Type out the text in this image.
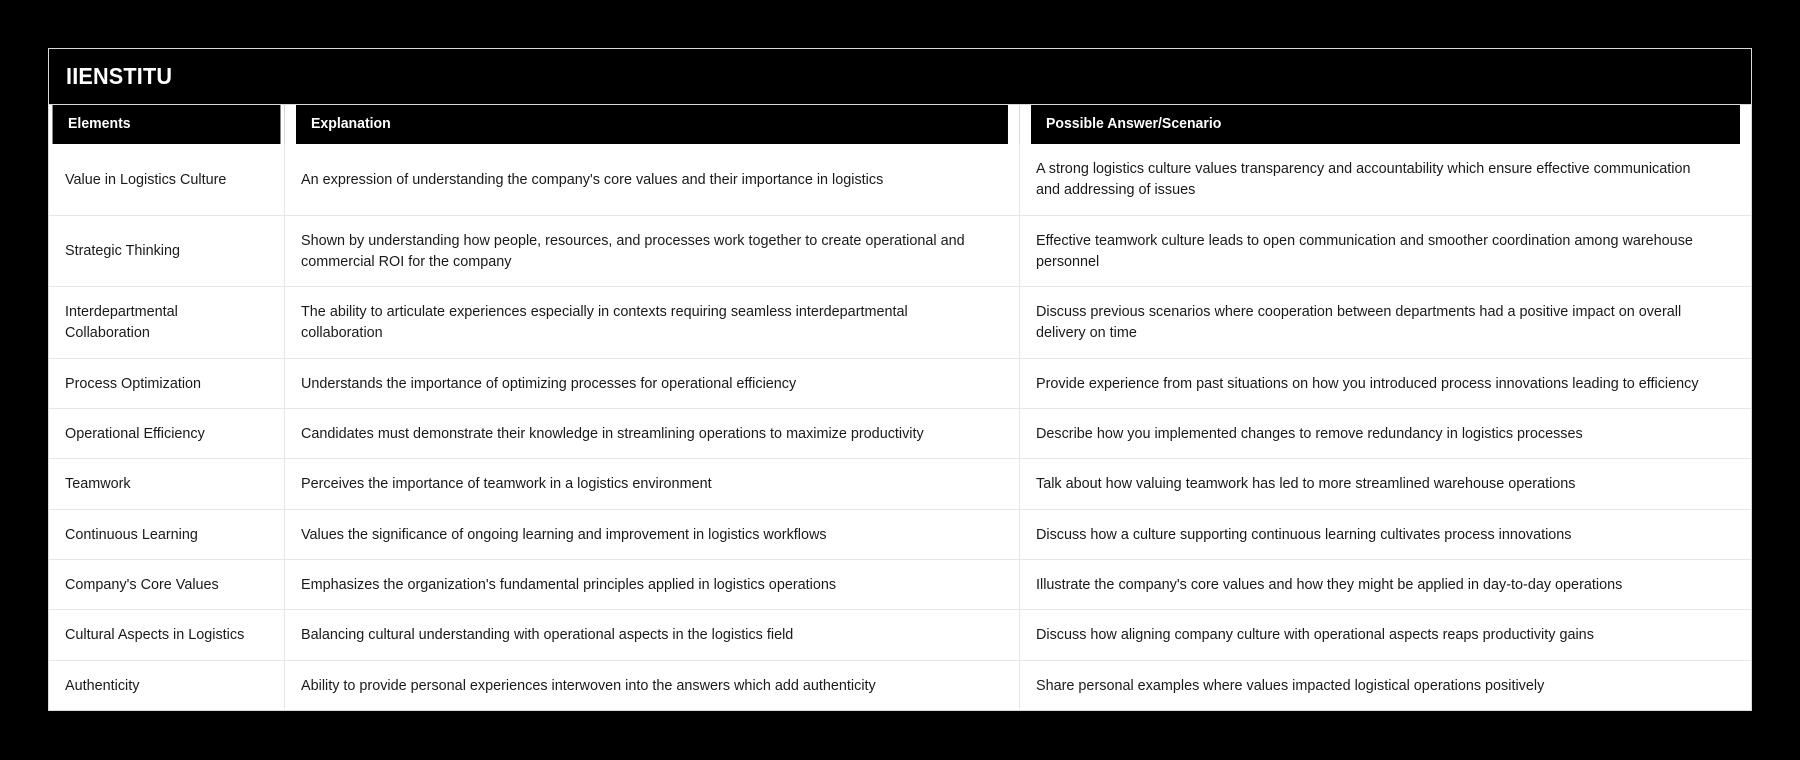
IIENSTITU
Elements	Explanation	Possible Answer/Scenario

Value in Logistics Culture	An expression of understanding the company's core values and their importance in logistics	A strong logistics culture values transparency and accountability which ensure effective communication and addressing of issues

Strategic Thinking	Shown by understanding how people, resources, and processes work together to create operational and commercial ROI for the company	Effective teamwork culture leads to open communication and smoother coordination among warehouse personnel

Interdepartmental Collaboration	The ability to articulate experiences especially in contexts requiring seamless interdepartmental collaboration	Discuss previous scenarios where cooperation between departments had a positive impact on overall delivery on time

Process Optimization	Understands the importance of optimizing processes for operational efficiency	Provide experience from past situations on how you introduced process innovations leading to efficiency

Operational Efficiency	Candidates must demonstrate their knowledge in streamlining operations to maximize productivity	Describe how you implemented changes to remove redundancy in logistics processes

Teamwork	Perceives the importance of teamwork in a logistics environment	Talk about how valuing teamwork has led to more streamlined warehouse operations

Continuous Learning	Values the significance of ongoing learning and improvement in logistics workflows	Discuss how a culture supporting continuous learning cultivates process innovations

Company's Core Values	Emphasizes the organization's fundamental principles applied in logistics operations	Illustrate the company's core values and how they might be applied in day-to-day operations

Cultural Aspects in Logistics	Balancing cultural understanding with operational aspects in the logistics field	Discuss how aligning company culture with operational aspects reaps productivity gains

Authenticity	Ability to provide personal experiences interwoven into the answers which add authenticity	Share personal examples where values impacted logistical operations positively
